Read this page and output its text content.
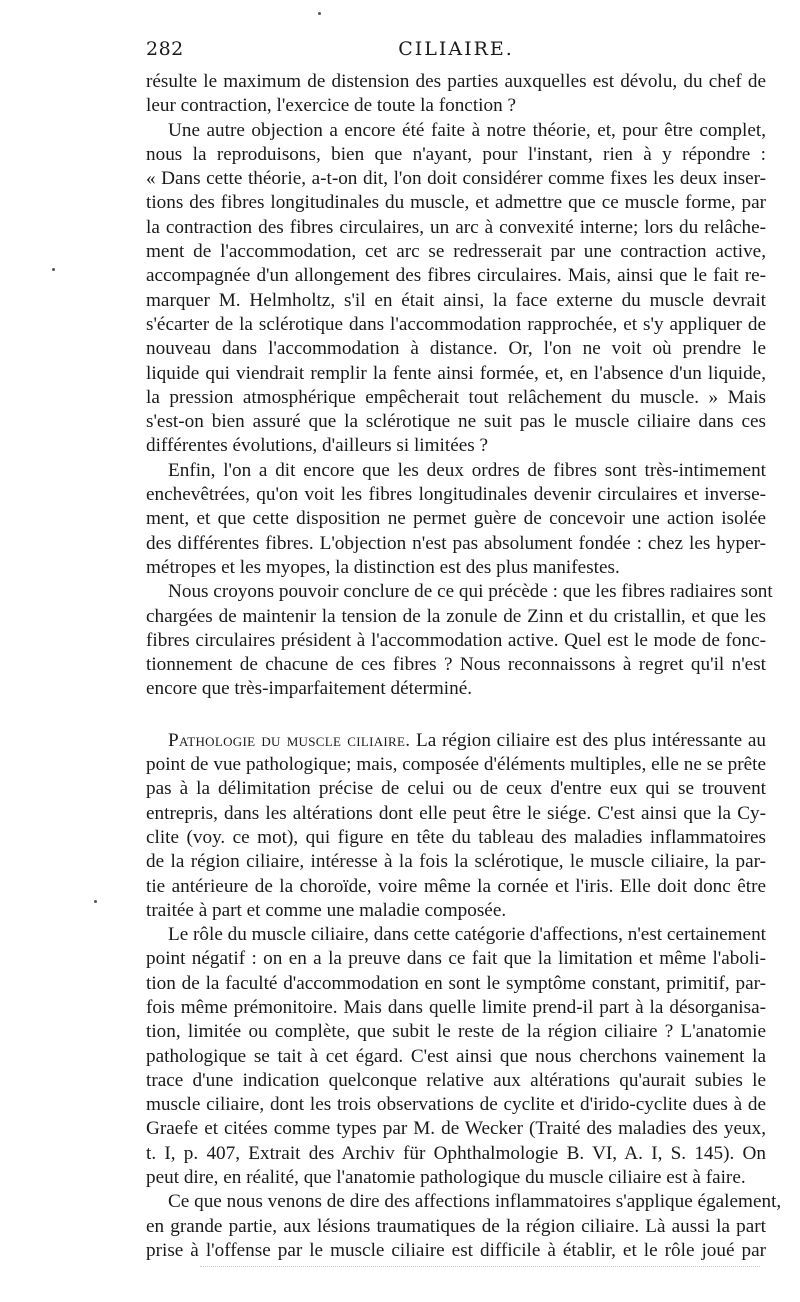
282	CILIAIRE.
résulte le maximum de distension des parties auxquelles est dévolu, du chef de
leur contraction, l'exercice de toute la fonction ?
Une autre objection a encore été faite à notre théorie, et, pour être complet,
nous la reproduisons, bien que n'ayant, pour l'instant, rien à y répondre :
« Dans cette théorie, a-t-on dit, l'on doit considérer comme fixes les deux inser-
tions des fibres longitudinales du muscle, et admettre que ce muscle forme, par
la contraction des fibres circulaires, un arc à convexité interne; lors du relâche-
ment de l'accommodation, cet arc se redresserait par une contraction active,
accompagnée d'un allongement des fibres circulaires. Mais, ainsi que le fait re-
marquer M. Helmholtz, s'il en était ainsi, la face externe du muscle devrait
s'écarter de la sclérotique dans l'accommodation rapprochée, et s'y appliquer de
nouveau dans l'accommodation à distance. Or, l'on ne voit où prendre le
liquide qui viendrait remplir la fente ainsi formée, et, en l'absence d'un liquide,
la pression atmosphérique empêcherait tout relâchement du muscle. » Mais
s'est-on bien assuré que la sclérotique ne suit pas le muscle ciliaire dans ces
différentes évolutions, d'ailleurs si limitées ?
Enfin, l'on a dit encore que les deux ordres de fibres sont très-intimement
enchevêtrées, qu'on voit les fibres longitudinales devenir circulaires et inverse-
ment, et que cette disposition ne permet guère de concevoir une action isolée
des différentes fibres. L'objection n'est pas absolument fondée : chez les hyper-
métropes et les myopes, la distinction est des plus manifestes.
Nous croyons pouvoir conclure de ce qui précède : que les fibres radiaires sont
chargées de maintenir la tension de la zonule de Zinn et du cristallin, et que les
fibres circulaires président à l'accommodation active. Quel est le mode de fonc-
tionnement de chacune de ces fibres ? Nous reconnaissons à regret qu'il n'est
encore que très-imparfaitement déterminé.
Pathologie du muscle ciliaire. La région ciliaire est des plus intéressante au
point de vue pathologique; mais, composée d'éléments multiples, elle ne se prête
pas à la délimitation précise de celui ou de ceux d'entre eux qui se trouvent
entrepris, dans les altérations dont elle peut être le siége. C'est ainsi que la Cy-
clite (voy. ce mot), qui figure en tête du tableau des maladies inflammatoires
de la région ciliaire, intéresse à la fois la sclérotique, le muscle ciliaire, la par-
tie antérieure de la choroïde, voire même la cornée et l'iris. Elle doit donc être
traitée à part et comme une maladie composée.
Le rôle du muscle ciliaire, dans cette catégorie d'affections, n'est certainement
point négatif : on en a la preuve dans ce fait que la limitation et même l'aboli-
tion de la faculté d'accommodation en sont le symptôme constant, primitif, par-
fois même prémonitoire. Mais dans quelle limite prend-il part à la désorganisa-
tion, limitée ou complète, que subit le reste de la région ciliaire ? L'anatomie
pathologique se tait à cet égard. C'est ainsi que nous cherchons vainement la
trace d'une indication quelconque relative aux altérations qu'aurait subies le
muscle ciliaire, dont les trois observations de cyclite et d'irido-cyclite dues à de
Graefe et citées comme types par M. de Wecker (Traité des maladies des yeux,
t. I, p. 407, Extrait des Archiv für Ophthalmologie B. VI, A. I, S. 145). On
peut dire, en réalité, que l'anatomie pathologique du muscle ciliaire est à faire.
Ce que nous venons de dire des affections inflammatoires s'applique également,
en grande partie, aux lésions traumatiques de la région ciliaire. Là aussi la part
prise à l'offense par le muscle ciliaire est difficile à établir, et le rôle joué par
